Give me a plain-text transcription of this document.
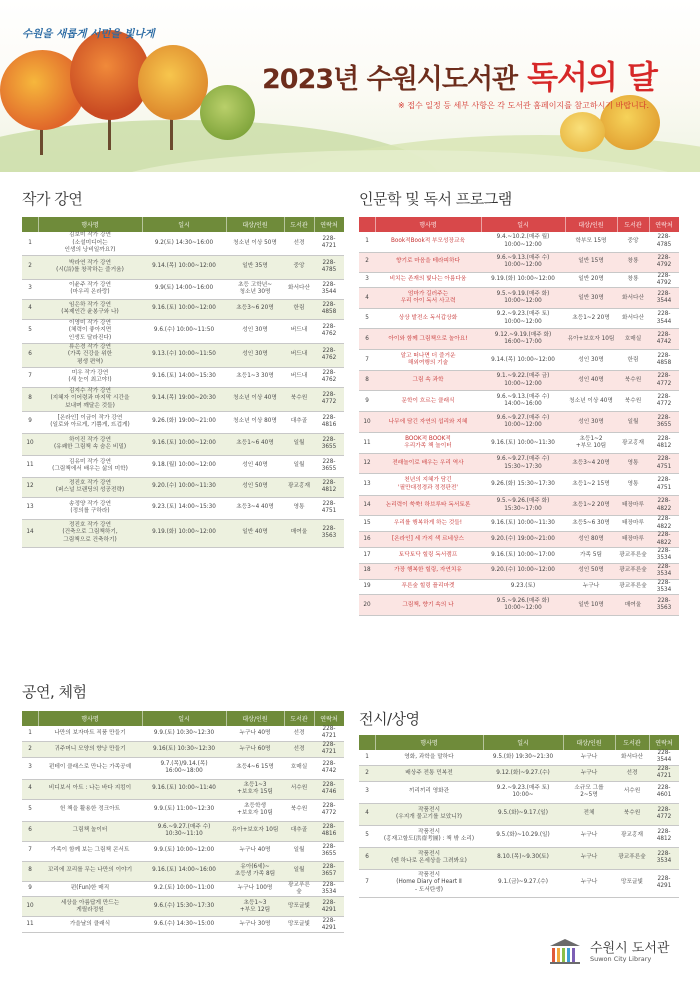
수원을 새롭게 시민을 빛나게
2023년 수원시도서관 독서의 달
※ 접수 일정 등 세부 사항은 각 도서관 홈페이지를 참고하시기 바랍니다.
작가 강연	인문학 및 독서 프로그램
공연, 체험
전시/상영
	행사명	일시	대상/인원	도서관	연락처
1	김보미 작가 강연
(소설미디어는
인생의 낭비일까요?)	9.2(토) 14:30~16:00	청소년 이상 50명	선경	228-4721
2	박라연 작가 강연
(시(詩)를 창작하는 즐거움)	9.14.(목) 10:00~12:00	일반 35명	중앙	228-4785
3	이윤주 작가 강연
(마우리 온라랑)	9.9(토) 14:00~16:00	초등 고학년~
청소년 30명	화서다산	228-3544
4	임은하 작가 강연
(복제인간 윤봉구와 나)	9.16.(토) 10:00~12:00	초등3~6 20명	한림	228-4858
5	이영미 작가 강연
(체력이 좋아지면
인생도 달라진다)	9.6.(수) 10:00~11:50	성인 30명	버드내	228-4762
6	류은경 작가 강연
(가족 건강을 위한
평생 편역)	9.13.(수) 10:00~11:50	성인 30명	버드내	228-4762
7	미우 작가 강연
(새 눈이 최고야!)	9.16.(토) 14:00~15:30	초등1~3 30명	버드내	228-4762
8	김지수 작가 강연
(지혜자 이어령과 마지막 시간을
보내며 깨달은 것들)	9.14.(목) 19:00~20:30	청소년 이상 40명	북수원	228-4772
9	[온라인] 이금이 작가 강연
(일로와 아르게, 기쁨게, 뜨겁게)	9.26.(화) 19:00~21:00	청소년 이상 80명	대추골	228-4816
10	하이진 작가 강연
(유쾌한 그림책 속 숨은 비밀)	9.16.(토) 10:00~12:00	초등1~6 40명	일월	228-3655
11	김유미 작가 강연
(그림책에서 배우는 삶의 미학)	9.18.(월) 10:00~12:00	성인 40명	일월	228-3655
12	정진호 작가 강연
(퍼스널 브랜딩의 성공전략)	9.20.(수) 10:00~11:30	성인 50명	광교홍재	228-4812
13	송정양 작가 강연
(정의를 구하라)	9.23.(토) 14:00~15:30	초등3~4 40명	영통	228-4751
14	정진호 작가 강연
(건축으로 그림책하기,
그림책으로 건축하기)	9.19.(화) 10:00~12:00	일반 40명	매여울	228-3563
	행사명	일시	대상/인원	도서관	연락처
1	Book적Book적 부모성장교육	9.4.~10.2.(매주 월)
10:00~12:00	학부모 15명	중앙	228-4785
2	향기로 마음을 테라피하다	9.6.~9.13.(매주 수)
10:00~12:00	일반 15명	창룡	228-4792
3	비치는 존재의 빛나는 아름다움	9.19.(화) 10:00~12:00	일반 20명	창룡	228-4792
4	엄마가 길러주는
우리 아이 독서 사고력	9.5.~9.19.(매주 화)
10:00~12:00	일반 30명	화서다산	228-3544
5	상상 발전소 독서갑상화	9.2.~9.23.(매주 토)
10:00~12:00	초등1~2 20명	화서다산	228-3544
6	아이와 함께 그림책으로 놀아요!	9.12.~9.19.(매주 화)
16:00~17:00	유아+보호자 10팀	호매실	228-4742
7	알고 떠나면 더 즐거운
해외여행의 기술	9.14.(목) 10:00~12:00	성인 30명	한림	228-4858
8	그림 속 과학	9.1.~9.22.(매주 금)
10:00~12:00	성인 40명	북수원	228-4772
9	문학이 흐르는 클래식	9.6.~9.13.(매주 수)
14:00~16:00	청소년 이상 40명	북수원	228-4772
10	나무에 담긴 자연의 섭리와 지혜	9.6.~9.27.(매주 수)
10:00~12:00	성인 30명	일월	228-3655
11	BOOK적 BOOK적
우리가족 책 놀이터	9.16.(토) 10:00~11:30	초등1~2
+부모 10팀	광교홍재	228-4812
12	전래놀이로 배우는 우리 역사	9.6.~9.27.(매주 수)
15:30~17:30	초등3~4 20명	영통	228-4751
13	천년의 지혜가 담긴
'필만대정경과 정경판전'	9.26.(화) 15:30~17:30	초등1~2 15명	영통	228-4751
14	논리력이 쑥쑥! 하브루타 독서토론	9.5.~9.26.(매주 화)
15:30~17:00	초등1~2 20명	태장마루	228-4822
15	우리를 행복하게 하는 것들!	9.16.(토) 10:00~11:30	초등5~6 30명	태장마루	228-4822
16	[온라인] 세 가지 색 르네상스	9.20.(수) 19:00~21:00	성인 80명	태장마루	228-4822
17	토닥토닥 힐링 독서캠프	9.16.(토) 10:00~17:00	가족 5팀	광교푸른숲	228-3534
18	가장 행복한 힐링, 자연치유	9.20.(수) 10:00~12:00	성인 50명	광교푸른숲	228-3534
19	푸른숲 힐링 플리마켓	9.23.(토)	누구나	광교푸른숲	228-3534
20	그림책, 향기 속의 나	9.5.~9.26.(매주 화)
10:00~12:00	일반 10명	매여울	228-3563
	행사명	일시	대상/인원	도서관	연락처
1	나만의 보자마트 직품 만들기	9.9.(토) 10:30~12:30	누구나 40명	선경	228-4721
2	귀주머니 모양의 향낭 만들기	9.16(토) 10:30~12:30	누구나 60명	선경	228-4721
3	펀테이 클래스로 만나는 가족공예	9.7.(목)/9.14.(목)
16:00~18:00	초등4~6 15명	호매실	228-4742
4	비디보서 아트 : 나는 바다 지킴이	9.16.(토) 10:00~11:40	초등1~3
+보호자 15팀	서수원	228-4746
5	헌 책을 활용한 정크아트	9.9.(토) 11:00~12:30	초등학생
+보호자 10팀	북수원	228-4772
6	그림책 놀이터	9.6.~9.27.(매주 수)
10:30~11:10	유아+보호자 10팀	대추골	228-4816
7	가족이 함께 보는 그림책 콘서트	9.9.(토) 10:00~12:00	누구나 40명	일월	228-3655
8	꼬리에 꼬리를 무는 나만의 이야기	9.16.(토) 14:00~16:00	유아(6세)~
초등생 가족 8팀	일월	228-3657
9	펀(Fun)한 매직	9.2.(토) 10:00~11:00	누구나 100명	광교푸른숲	228-3534
10	세상을 아름답게 만드는
게릴라정원	9.6.(수) 15:30~17:30	초등1~3
+부모 12팀	망포글빛	228-4291
11	가을날의 클래식	9.6.(수) 14:30~15:00	누구나 30명	망포글빛	228-4291
	행사명	일시	대상/인원	도서관	연락처
1	영화, 과학을 말하다	9.5.(화) 19:30~21:30	누구나	화서다산	228-3544
2	배상주 전통 민복전	9.12.(화)~9.27.(수)	누구나	선경	228-4721
3	끼리끼리 영화관	9.2.~9.23.(매주 토)
10:00~	소규모 그룹
2~5명	서수원	228-4601
4	작품전시
(우지개 물고기를 보았니?)	9.5.(화)~9.17.(일)	전체	북수원	228-4772
5	작품전시
(홍재고할도(洪齋考圖) : 책 밖 소리)	9.5.(화)~10.29.(일)	누구나	광교홍재	228-4812
6	작품전시
(펜 하나로 온세상을 그려봐요)	8.10.(목)~9.30(토)	누구나	광교푸른숲	228-3534
7	작품전시
(Home Diary of Heart Ⅱ
- 도서탄생)	9.1.(금)~9.27.(수)	누구나	망포글빛	228-4291
수원시 도서관
Suwon City Library
